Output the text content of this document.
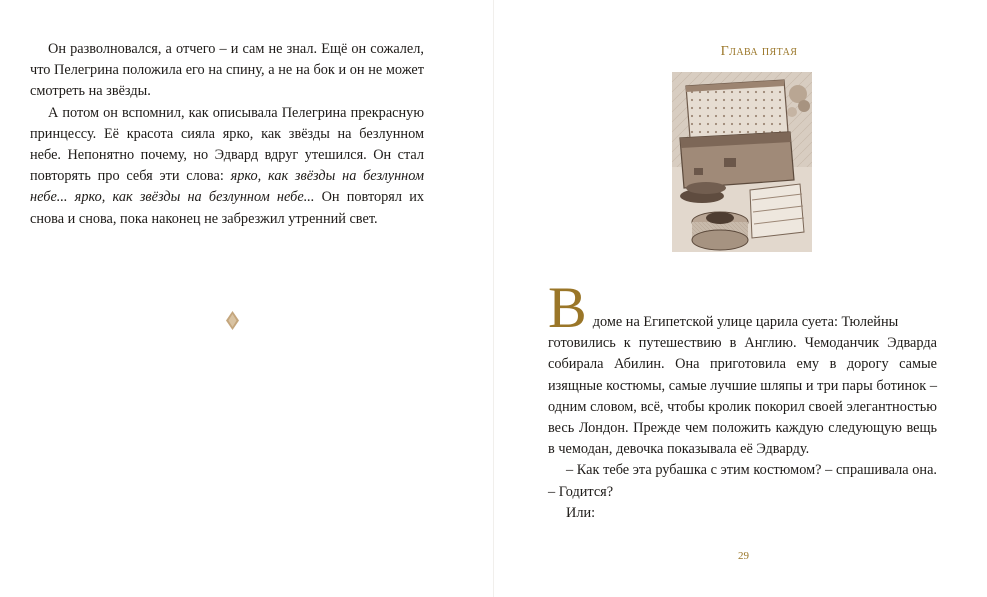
Он разволновался, а отчего – и сам не знал. Ещё он сожалел, что Пелегрина положила его на спину, а не на бок и он не может смотреть на звёзды.

А потом он вспомнил, как описывала Пелегрина прекрасную принцессу. Её красота сияла ярко, как звёзды на безлунном небе. Непонятно почему, но Эдвард вдруг утешился. Он стал повторять про себя эти слова: ярко, как звёзды на безлунном небе... ярко, как звёзды на безлунном небе... Он повторял их снова и снова, пока наконец не забрезжил утренний свет.

Глава пятая

В доме на Египетской улице царила суета: Тюлейны
готовились к путешествию в Англию. Чемоданчик Эдварда собирала Абилин. Она приготовила ему в дорогу самые изящные костюмы, самые лучшие шляпы и три пары ботинок – одним словом, всё, чтобы кролик покорил своей элегантностью весь Лондон. Прежде чем положить каждую следующую вещь в чемодан, девочка показывала её Эдварду.

– Как тебе эта рубашка с этим костюмом? – спрашивала она. – Годится?

Или:

29
